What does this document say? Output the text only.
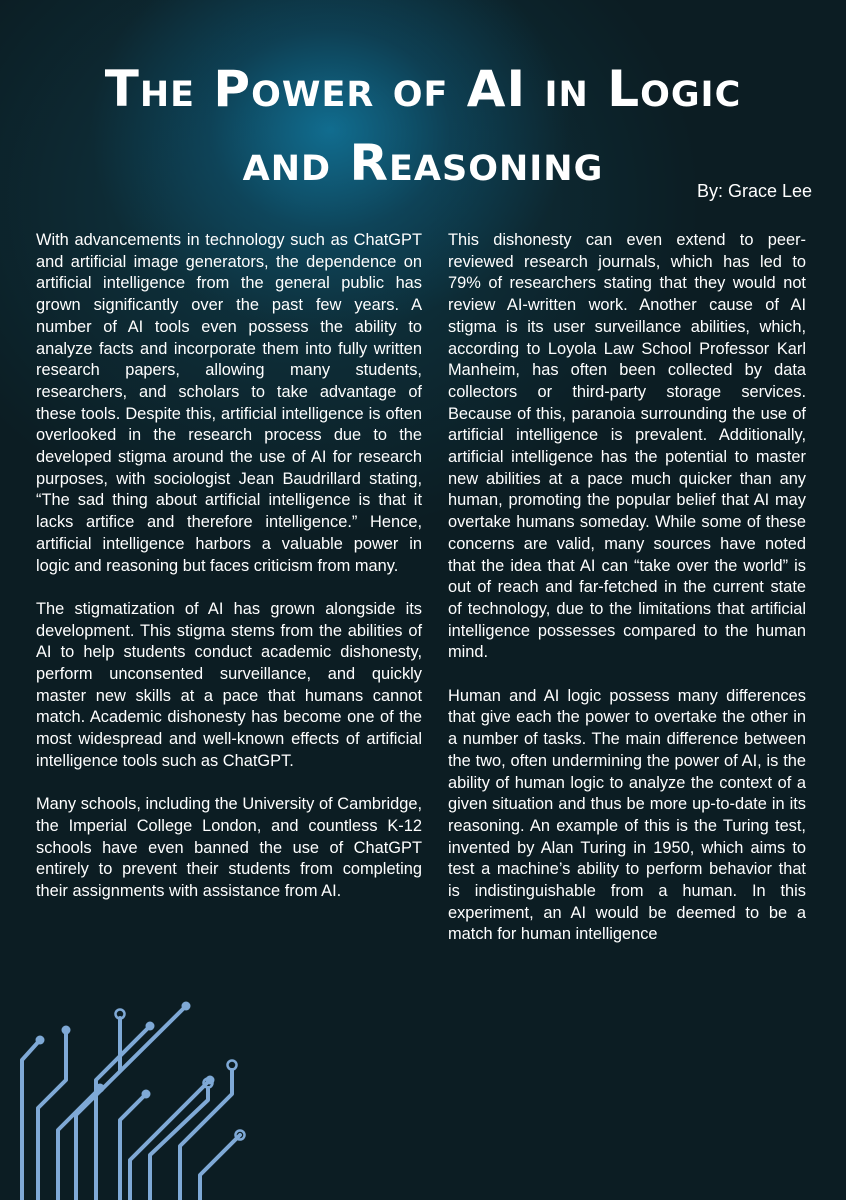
The Power of AI in Logic and Reasoning	By: Grace Lee

With advancements in technology such as ChatGPT and artificial image generators, the dependence on artificial intelligence from the general public has grown significantly over the past few years. A number of AI tools even possess the ability to analyze facts and incorporate them into fully written research papers, allowing many students, researchers, and scholars to take advantage of these tools. Despite this, artificial intelligence is often overlooked in the research process due to the developed stigma around the use of AI for research purposes, with sociologist Jean Baudrillard stating, “The sad thing about artificial intelligence is that it lacks artifice and therefore intelligence.” Hence, artificial intelligence harbors a valuable power in logic and reasoning but faces criticism from many.

The stigmatization of AI has grown alongside its development. This stigma stems from the abilities of AI to help students conduct academic dishonesty, perform unconsented surveillance, and quickly master new skills at a pace that humans cannot match. Academic dishonesty has become one of the most widespread and well-known effects of artificial intelligence tools such as ChatGPT.

Many schools, including the University of Cambridge, the Imperial College London, and countless K-12 schools have even banned the use of ChatGPT entirely to prevent their students from completing their assignments with assistance from AI.

This dishonesty can even extend to peer-reviewed research journals, which has led to 79% of researchers stating that they would not review AI-written work. Another cause of AI stigma is its user surveillance abilities, which, according to Loyola Law School Professor Karl Manheim, has often been collected by data collectors or third-party storage services. Because of this, paranoia surrounding the use of artificial intelligence is prevalent. Additionally, artificial intelligence has the potential to master new abilities at a pace much quicker than any human, promoting the popular belief that AI may overtake humans someday. While some of these concerns are valid, many sources have noted that the idea that AI can “take over the world” is out of reach and far-fetched in the current state of technology, due to the limitations that artificial intelligence possesses compared to the human mind.

Human and AI logic possess many differences that give each the power to overtake the other in a number of tasks. The main difference between the two, often undermining the power of AI, is the ability of human logic to analyze the context of a given situation and thus be more up-to-date in its reasoning. An example of this is the Turing test, invented by Alan Turing in 1950, which aims to test a machine’s ability to perform behavior that is indistinguishable from a human. In this experiment, an AI would be deemed to be a match for human intelligence
